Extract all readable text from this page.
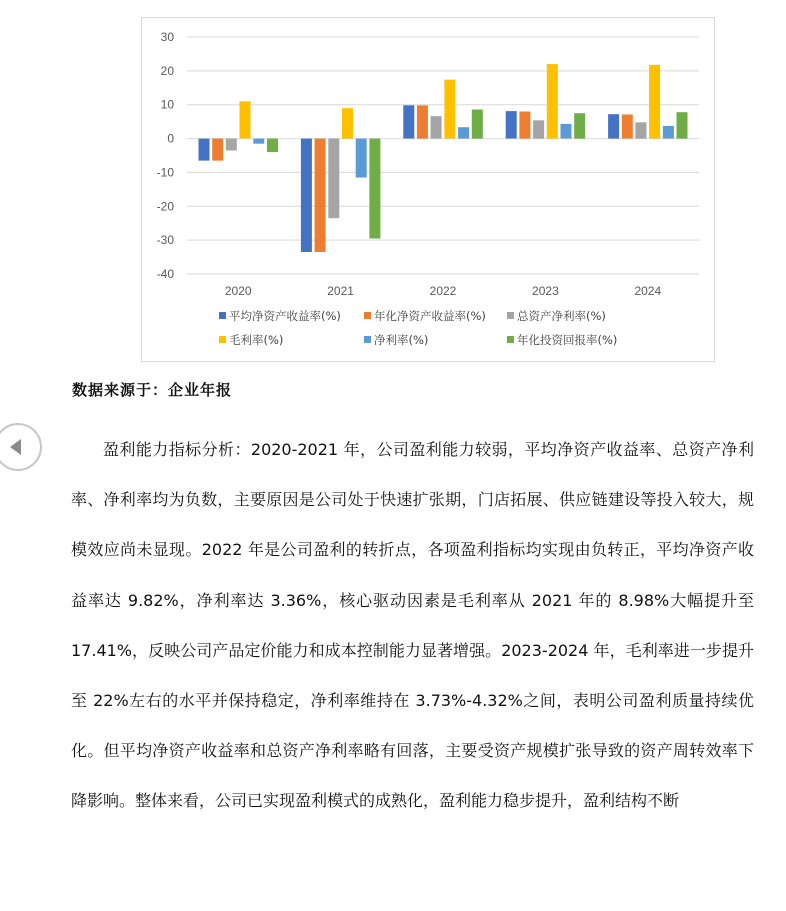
30
20
10
0
-10
-20
-30
-40
2020	2021	2022	2023	2024
平均净资产收益率(%)	年化净资产收益率(%)	总资产净利率(%)
毛利率(%)	净利率(%)	年化投资回报率(%)
数据来源于：企业年报

盈利能力指标分析：2020-2021 年，公司盈利能力较弱，平均净资产收益率、总资产净利率、净利率均为负数，主要原因是公司处于快速扩张期，门店拓展、供应链建设等投入较大，规模效应尚未显现。2022 年是公司盈利的转折点，各项盈利指标均实现由负转正，平均净资产收益率达 9.82%，净利率达 3.36%，核心驱动因素是毛利率从 2021 年的 8.98%大幅提升至 17.41%，反映公司产品定价能力和成本控制能力显著增强。2023-2024 年，毛利率进一步提升至 22%左右的水平并保持稳定，净利率维持在 3.73%-4.32%之间，表明公司盈利质量持续优化。但平均净资产收益率和总资产净利率略有回落，主要受资产规模扩张导致的资产周转效率下降影响。整体来看，公司已实现盈利模式的成熟化，盈利能力稳步提升，盈利结构不断
